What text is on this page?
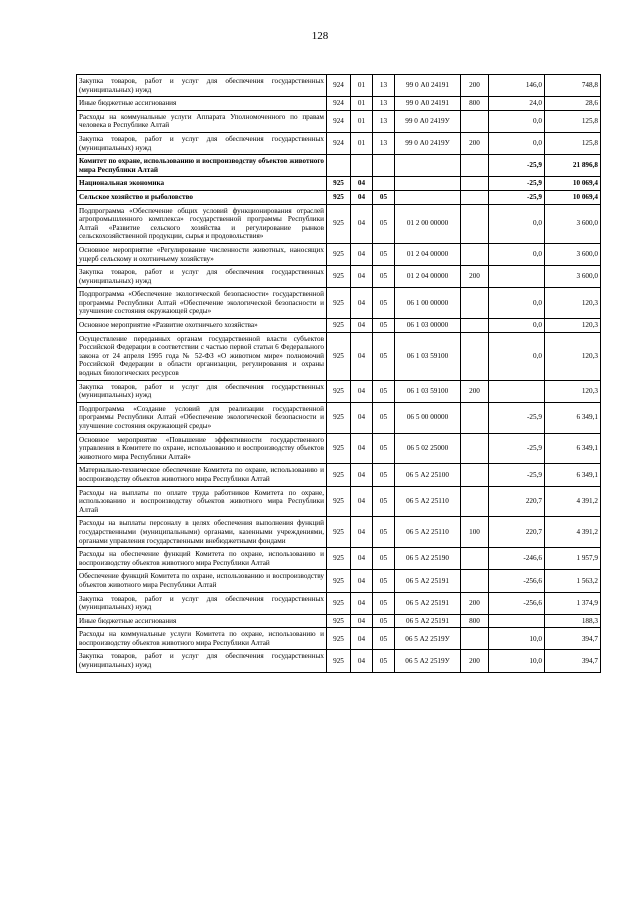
128
Закупка товаров, работ и услуг для обеспечения государственных (муниципальных) нужд	924	01	13	99 0 А0 24191	200	146,0	748,8
Иные бюджетные ассигнования	924	01	13	99 0 А0 24191	800	24,0	28,6
Расходы на коммунальные услуги Аппарата Уполномоченного по правам человека в Республике Алтай	924	01	13	99 0 А0 2419У		0,0	125,8
Закупка товаров, работ и услуг для обеспечения государственных (муниципальных) нужд	924	01	13	99 0 А0 2419У	200	0,0	125,8
Комитет по охране, использованию и воспроизводству объектов животного мира Республики Алтай						-25,9	21 896,8
Национальная экономика	925	04				-25,9	10 069,4
Сельское хозяйство и рыболовство	925	04	05			-25,9	10 069,4
Подпрограмма «Обеспечение общих условий функционирования отраслей агропромышленного комплекса» государственной программы Республики Алтай «Развитие сельского хозяйства и регулирование рынков сельскохозяйственной продукции, сырья и продовольствия»	925	04	05	01 2 00 00000		0,0	3 600,0
Основное мероприятие «Регулирование численности животных, наносящих ущерб сельскому и охотничьему хозяйству»	925	04	05	01 2 04 00000		0,0	3 600,0
Закупка товаров, работ и услуг для обеспечения государственных (муниципальных) нужд	925	04	05	01 2 04 00000	200		3 600,0
Подпрограмма «Обеспечение экологической безопасности» государственной программы Республики Алтай «Обеспечение экологической безопасности и улучшение состояния окружающей среды»	925	04	05	06 1 00 00000		0,0	120,3
Основное мероприятие «Развитие охотничьего хозяйства»	925	04	05	06 1 03 00000		0,0	120,3
Осуществление переданных органам государственной власти субъектов Российской Федерации в соответствии с частью первой статьи 6 Федерального закона от 24 апреля 1995 года № 52-ФЗ «О животном мире» полномочий Российской Федерации в области организации, регулирования и охраны водных биологических ресурсов	925	04	05	06 1 03 59100		0,0	120,3
Закупка товаров, работ и услуг для обеспечения государственных (муниципальных) нужд	925	04	05	06 1 03 59100	200		120,3
Подпрограмма «Создание условий для реализации государственной программы Республики Алтай «Обеспечение экологической безопасности и улучшение состояния окружающей среды»	925	04	05	06 5 00 00000		-25,9	6 349,1
Основное мероприятие «Повышение эффективности государственного управления в Комитете по охране, использованию и воспроизводству объектов животного мира Республики Алтай»	925	04	05	06 5 02 25000		-25,9	6 349,1
Материально-техническое обеспечение Комитета по охране, использованию и воспроизводству объектов животного мира Республики Алтай	925	04	05	06 5 А2 25100		-25,9	6 349,1
Расходы на выплаты по оплате труда работников Комитета по охране, использованию и воспроизводству объектов животного мира Республики Алтай	925	04	05	06 5 А2 25110		220,7	4 391,2
Расходы на выплаты персоналу в целях обеспечения выполнения функций государственными (муниципальными) органами, казенными учреждениями, органами управления государственными внебюджетными фондами	925	04	05	06 5 А2 25110	100	220,7	4 391,2
Расходы на обеспечение функций Комитета по охране, использованию и воспроизводству объектов животного мира Республики Алтай	925	04	05	06 5 А2 25190		-246,6	1 957,9
Обеспечение функций Комитета по охране, использованию и воспроизводству объектов животного мира Республики Алтай	925	04	05	06 5 А2 25191		-256,6	1 563,2
Закупка товаров, работ и услуг для обеспечения государственных (муниципальных) нужд	925	04	05	06 5 А2 25191	200	-256,6	1 374,9
Иные бюджетные ассигнования	925	04	05	06 5 А2 25191	800		188,3
Расходы на коммунальные услуги Комитета по охране, использованию и воспроизводству объектов животного мира Республики Алтай	925	04	05	06 5 А2 2519У		10,0	394,7
Закупка товаров, работ и услуг для обеспечения государственных (муниципальных) нужд	925	04	05	06 5 А2 2519У	200	10,0	394,7
